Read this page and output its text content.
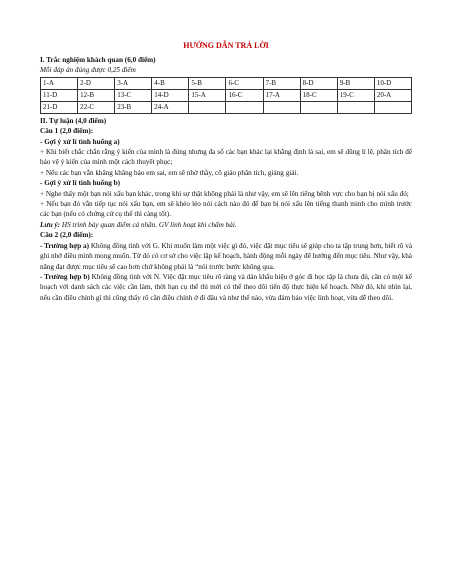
HƯỚNG DẪN TRẢ LỜI
I. Trắc nghiệm khách quan (6,0 điểm)
Mỗi đáp án đúng được 0,25 điểm
1-A	2-D	3-A	4-B	5-B	6-C	7-B	8-D	9-B	10-D
11-D	12-B	13-C	14-D	15-A	16-C	17-A	18-C	19-C	20-A
21-D	22-C	23-B	24-A						
II. Tự luận (4,0 điểm)
Câu 1 (2,0 điểm):
- Gợi ý xử lí tình huống a)

+ Khi biết chắc chắn rằng ý kiến của mình là đúng nhưng đa số các bạn khác lại khẳng định là sai, em sẽ dũng lí lẽ, phân tích để bảo vệ ý kiến của mình một cách thuyết phục;

+ Nếu các bạn vẫn khăng khăng bảo em sai, em sẽ nhờ thầy, cô giáo phân tích, giảng giải.

- Gợi ý xử lí tình huống b)

+ Nghe thấy một bạn nói xấu bạn khác, trong khi sự thật không phải là như vậy, em sẽ lên tiếng bênh vực cho bạn bị nói xấu đó;

+ Nếu bạn đó vẫn tiếp tục nói xấu bạn, em sẽ khéo léo nói cách nào đó để bạn bị nói xấu lên tiếng thanh minh cho mình trước các bạn (nếu có chứng cứ cụ thể thì càng tốt).

Lưu ý: HS trình bày quan điểm cá nhân. GV linh hoạt khi chấm bài.

Câu 2 (2,0 điểm):

- Trường hợp a) Không đồng tình với G. Khi muốn làm một việc gì đó, việc đặt mục tiêu sẽ giúp cho ta tập trung hơn, biết rõ và ghi nhớ điều mình mong muốn. Từ đó có cơ sở cho việc lập kế hoạch, hành động mỗi ngày để hướng đến mục tiêu. Như vậy, khả năng đạt được mục tiêu sẽ cao hơn chứ không phải là “nói trước bước không qua.

- Trường hợp b) Không đồng tình với N. Việc đặt mục tiêu rõ ràng và dán khẩu hiệu ở góc đi học tập là chưa đủ, cần có một kế hoạch với danh sách các việc cần làm, thời hạn cụ thể thì mới có thể theo dõi tiến độ thực hiện kế hoạch. Nhờ đó, khi nhìn lại, nếu cần điều chỉnh gì thì cũng thấy rõ cần điều chỉnh ở đi đâu và như thế nào, vừa đảm bảo việc linh hoạt, vừa dễ theo dõi.
